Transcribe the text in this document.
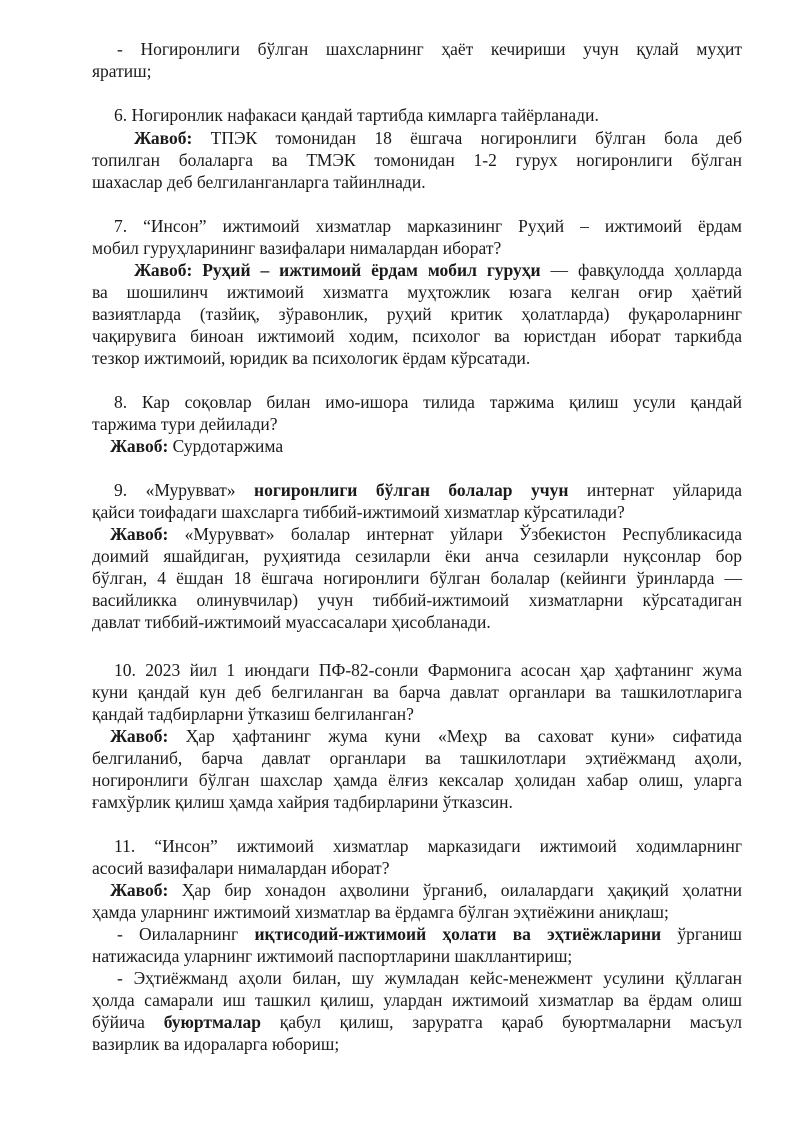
- Ногиронлиги бўлган шахсларнинг ҳаёт кечириши учун қулай муҳит
яратиш;
6. Ногиронлик нафакаси қандай тартибда кимларга тайёрланади.
Жавоб: ТПЭК томонидан 18 ёшгача ногиронлиги бўлган бола деб
топилган болаларга ва ТМЭК томонидан 1-2 гурух ногиронлиги бўлган
шахаслар деб белгиланганларга тайинлнади.
7. “Инсон” ижтимоий хизматлар марказининг Руҳий – ижтимоий ёрдам
мобил гуруҳларининг вазифалари нималардан иборат?
Жавоб: Руҳий – ижтимоий ёрдам мобил гуруҳи — фавқулодда ҳолларда
ва шошилинч ижтимоий хизматга муҳтожлик юзага келган оғир ҳаётий
вазиятларда (тазйиқ, зўравонлик, руҳий критик ҳолатларда) фуқароларнинг
чақирувига биноан ижтимоий ходим, психолог ва юристдан иборат таркибда
тезкор ижтимоий, юридик ва психологик ёрдам кўрсатади.
8. Кар соқовлар билан имо-ишора тилида таржима қилиш усули қандай
таржима тури дейилади?
Жавоб: Сурдотаржима
9. «Мурувват» ногиронлиги бўлган болалар учун интернат уйларида
қайси тоифадаги шахсларга тиббий-ижтимоий хизматлар кўрсатилади?
Жавоб: «Мурувват» болалар интернат уйлари Ўзбекистон Республикасида
доимий яшайдиган, руҳиятида сезиларли ёки анча сезиларли нуқсонлар бор
бўлган, 4 ёшдан 18 ёшгача ногиронлиги бўлган болалар (кейинги ўринларда —
васийликка олинувчилар) учун тиббий-ижтимоий хизматларни кўрсатадиган
давлат тиббий-ижтимоий муассасалари ҳисобланади.
10. 2023 йил 1 июндаги ПФ-82-сонли Фармонига асосан ҳар ҳафтанинг жума
куни қандай кун деб белгиланган ва барча давлат органлари ва ташкилотларига
қандай тадбирларни ўтказиш белгиланган?
Жавоб: Ҳар ҳафтанинг жума куни «Меҳр ва саховат куни» сифатида
белгиланиб, барча давлат органлари ва ташкилотлари эҳтиёжманд аҳоли,
ногиронлиги бўлган шахслар ҳамда ёлғиз кексалар ҳолидан хабар олиш, уларга
ғамхўрлик қилиш ҳамда хайрия тадбирларини ўтказсин.
11. “Инсон” ижтимоий хизматлар марказидаги ижтимоий ходимларнинг
асосий вазифалари нималардан иборат?
Жавоб: Ҳар бир хонадон аҳволини ўрганиб, оилалардаги ҳақиқий ҳолатни
ҳамда уларнинг ижтимоий хизматлар ва ёрдамга бўлган эҳтиёжини аниқлаш;
- Оилаларнинг иқтисодий-ижтимоий ҳолати ва эҳтиёжларини ўрганиш
натижасида уларнинг ижтимоий паспортларини шакллантириш;
- Эҳтиёжманд аҳоли билан, шу жумладан кейс-менежмент усулини қўллаган
ҳолда самарали иш ташкил қилиш, улардан ижтимоий хизматлар ва ёрдам олиш
бўйича буюртмалар қабул қилиш, заруратга қараб буюртмаларни масъул
вазирлик ва идораларга юбориш;
